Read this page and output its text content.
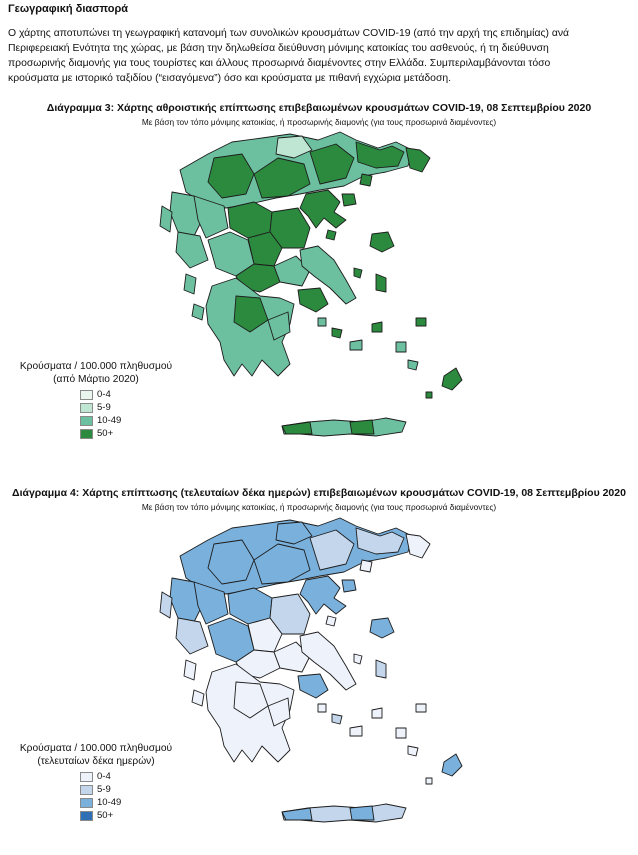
Γεωγραφική διασπορά

Ο χάρτης αποτυπώνει τη γεωγραφική κατανομή των συνολικών κρουσμάτων COVID-19 (από την αρχή της επιδημίας) ανά

Περιφερειακή Ενότητα της χώρας, με βάση την δηλωθείσα διεύθυνση μόνιμης κατοικίας του ασθενούς, ή τη διεύθυνση

προσωρινής διαμονής για τους τουρίστες και άλλους προσωρινά διαμένοντες στην Ελλάδα. Συμπεριλαμβάνονται τόσο

κρούσματα με ιστορικό ταξιδίου (“εισαγόμενα”) όσο και κρούσματα με πιθανή εγχώρια μετάδοση.

Διάγραμμα 3: Χάρτης αθροιστικής επίπτωσης επιβεβαιωμένων κρουσμάτων COVID-19, 08 Σεπτεμβρίου 2020
Με βάση τον τόπο μόνιμης κατοικίας, ή προσωρινής διαμονής (για τους προσωρινά διαμένοντες)
Κρούσματα / 100.000 πληθυσμού
(από Μάρτιο 2020)
0-4
5-9
10-49
50+
Διάγραμμα 4: Χάρτης επίπτωσης (τελευταίων δέκα ημερών) επιβεβαιωμένων κρουσμάτων COVID-19, 08 Σεπτεμβρίου 2020
Με βάση τον τόπο μόνιμης κατοικίας, ή προσωρινής διαμονής (για τους προσωρινά διαμένοντες)
Κρούσματα / 100.000 πληθυσμού
(τελευταίων δέκα ημερών)
0-4
5-9
10-49
50+
